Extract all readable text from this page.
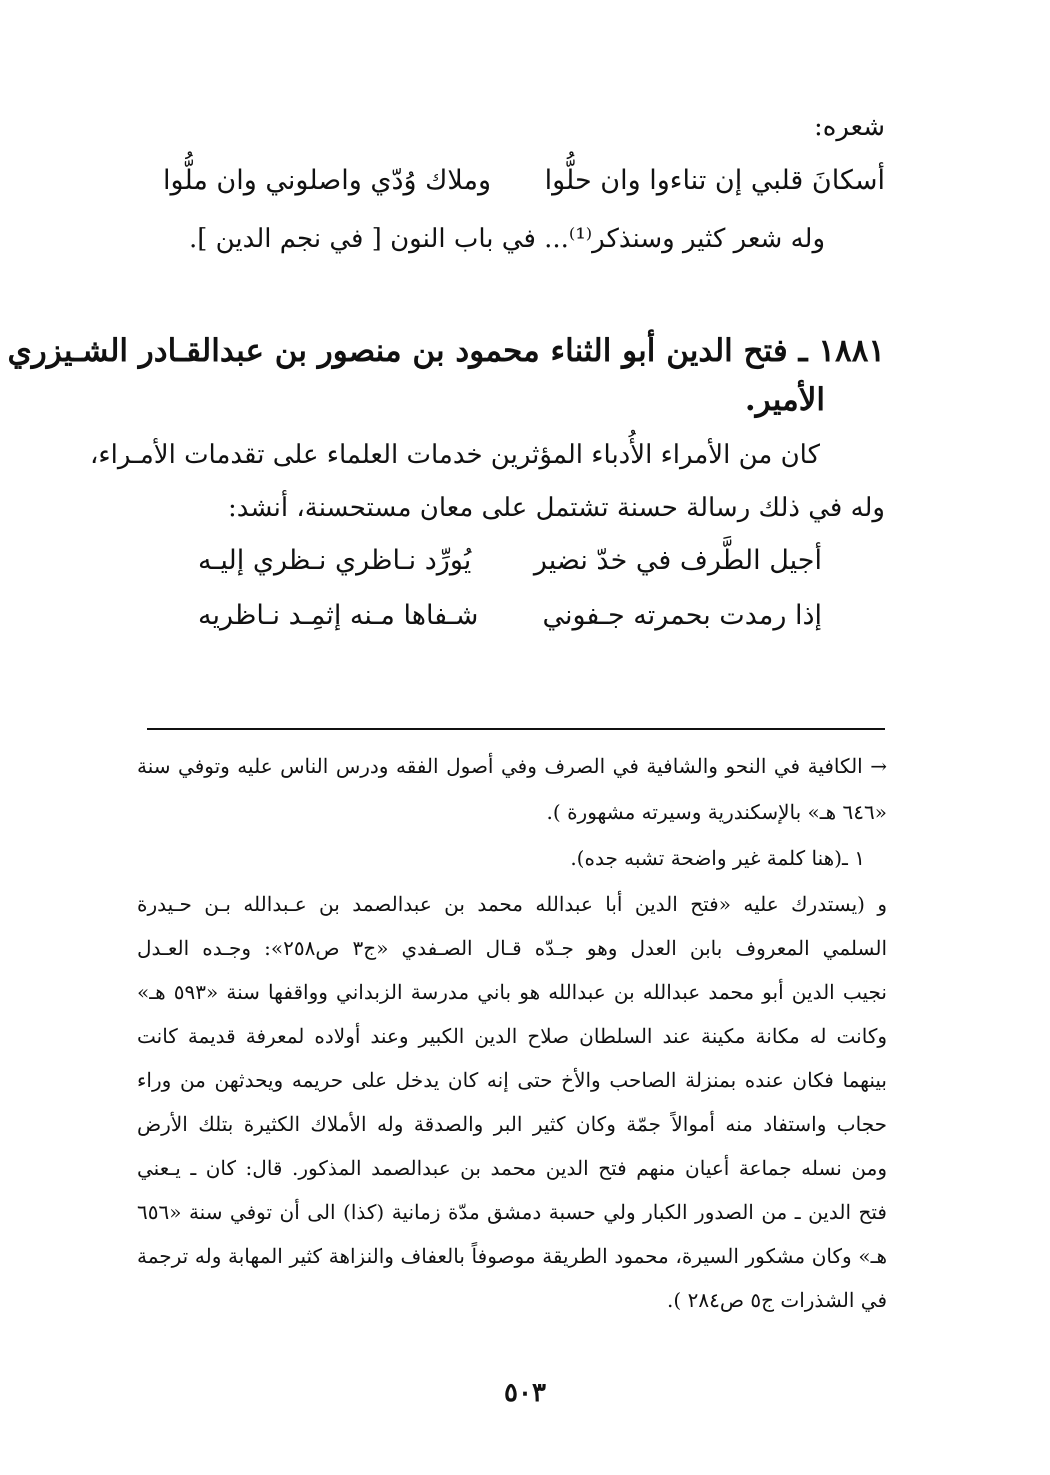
شعره:
أسكانَ قلبي إن تناءوا وان حلُّوا
وملاك وُدّي واصلوني وان ملُّوا
وله شعر كثير وسنذكر⁽¹⁾... في باب النون [ في نجم الدين ].
١٨٨١ ـ فتح الدين أبو الثناء محمود بن منصور بن عبدالقـادر الشـيزري
الأمير.
كان من الأمراء الأُدباء المؤثرين خدمات العلماء على تقدمات الأمـراء،
وله في ذلك رسالة حسنة تشتمل على معان مستحسنة، أنشد:
أجيل الطَّرف في خدّ نضير
يُورِّد نـاظري نـظري إليـه
إذا رمدت بحمرته جـفوني
شـفاها مـنه إثمِـد نـاظريه
→ الكافية في النحو والشافية في الصرف وفي أصول الفقه ودرس الناس عليه وتوفي سنة
«٦٤٦ هـ» بالإسكندرية وسيرته مشهورة ).
١ ـ(هنا كلمة غير واضحة تشبه جده).
و (يستدرك عليه «فتح الدين أبا عبدالله محمد بن عبدالصمد بن عـبدالله بـن حـيدرة
السلمي المعروف بابن العدل وهو جـدّه قـال الصـفدي «ج٣ ص٢٥٨»: وجـده العـدل
نجيب الدين أبو محمد عبدالله بن عبدالله هو باني مدرسة الزبداني وواقفها سنة «٥٩٣ هـ»
وكانت له مكانة مكينة عند السلطان صلاح الدين الكبير وعند أولاده لمعرفة قديمة كانت
بينهما فكان عنده بمنزلة الصاحب والأخ حتى إنه كان يدخل على حريمه ويحدثهن من وراء
حجاب واستفاد منه أموالاً جمّة وكان كثير البر والصدقة وله الأملاك الكثيرة بتلك الأرض
ومن نسله جماعة أعيان منهم فتح الدين محمد بن عبدالصمد المذكور. قال: كان ـ يـعني
فتح الدين ـ من الصدور الكبار ولي حسبة دمشق مدّة زمانية (كذا) الى أن توفي سنة «٦٥٦
هـ» وكان مشكور السيرة، محمود الطريقة موصوفاً بالعفاف والنزاهة كثير المهابة وله ترجمة
في الشذرات ج٥ ص٢٨٤ ).
٥٠٣
